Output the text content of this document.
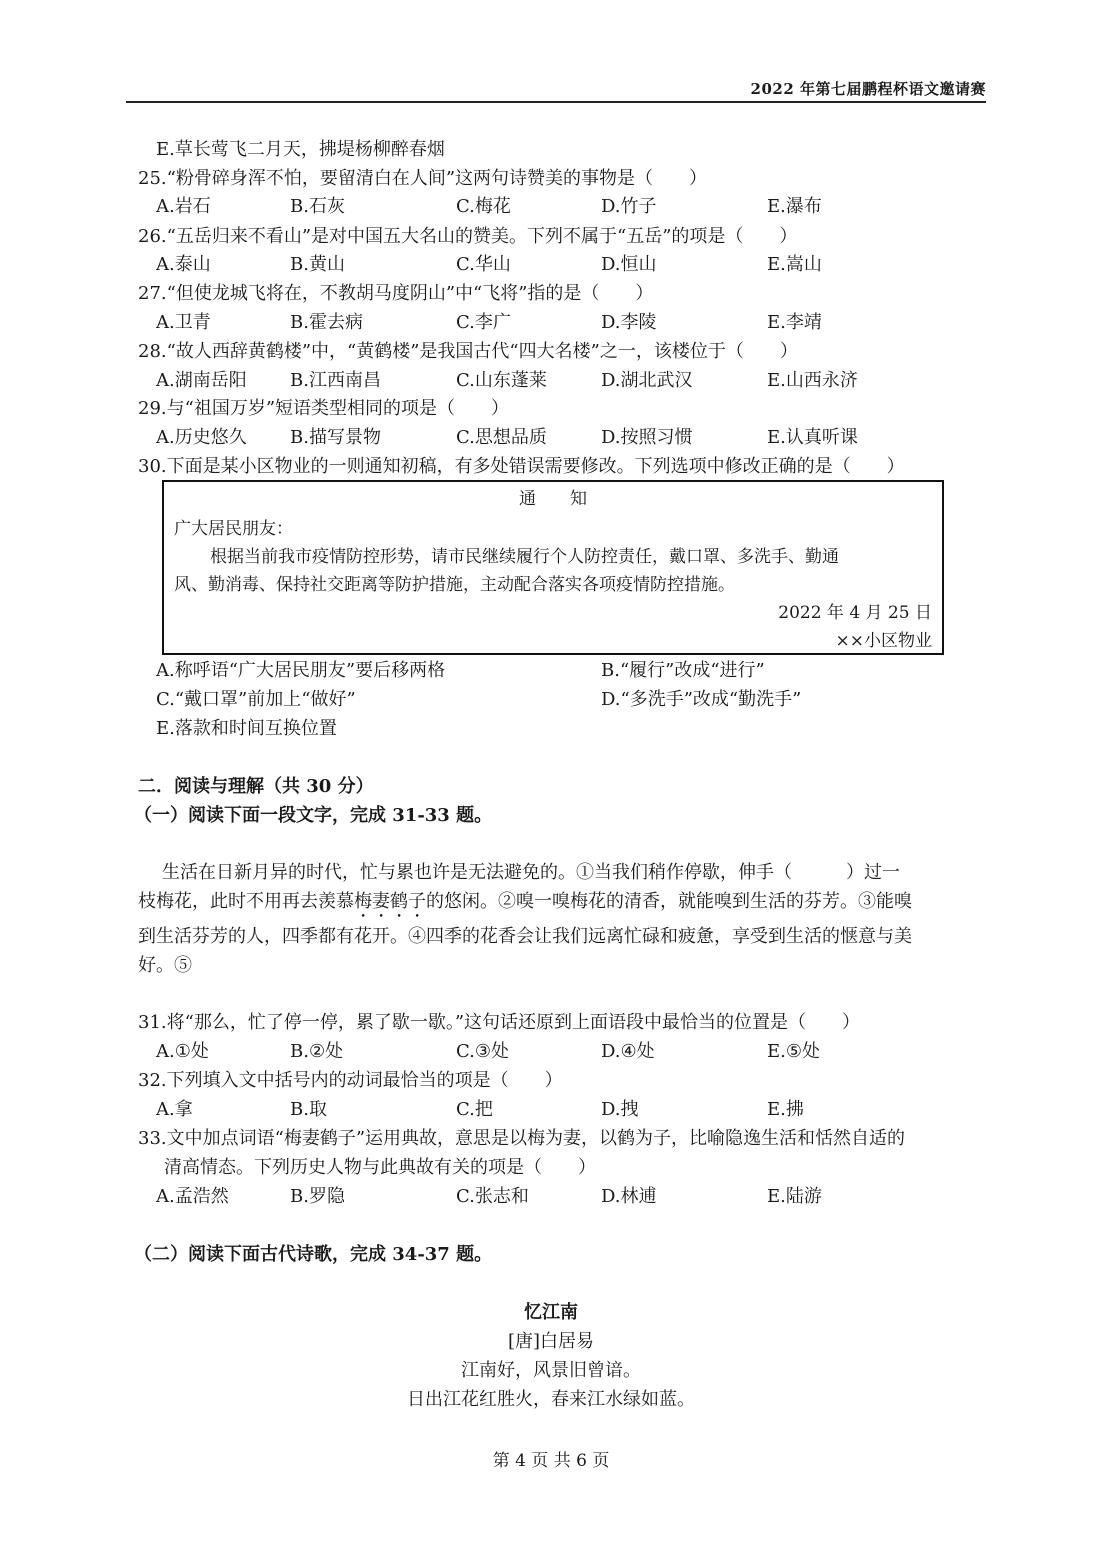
2022 年第七届鹏程杯语文邀请赛
E.草长莺飞二月天，拂堤杨柳醉春烟
25.“粉骨碎身浑不怕，要留清白在人间”这两句诗赞美的事物是（　　）
A.岩石	B.石灰	C.梅花	D.竹子	E.瀑布
26.“五岳归来不看山”是对中国五大名山的赞美。下列不属于“五岳”的项是（　　）
A.泰山	B.黄山	C.华山	D.恒山	E.嵩山
27.“但使龙城飞将在，不教胡马度阴山”中“飞将”指的是（　　）
A.卫青	B.霍去病	C.李广	D.李陵	E.李靖
28.“故人西辞黄鹤楼”中，“黄鹤楼”是我国古代“四大名楼”之一，该楼位于（　　）
A.湖南岳阳 B.江西南昌	C.山东蓬莱	D.湖北武汉	E.山西永济
29.与“祖国万岁”短语类型相同的项是（　　）
A.历史悠久 B.描写景物	C.思想品质	D.按照习惯	E.认真听课
30.下面是某小区物业的一则通知初稿，有多处错误需要修改。下列选项中修改正确的是（　　）
通　　知
广大居民朋友：
根据当前我市疫情防控形势，请市民继续履行个人防控责任，戴口罩、多洗手、勤通
风、勤消毒、保持社交距离等防护措施，主动配合落实各项疫情防控措施。
2022 年 4 月 25 日
××小区物业
A.称呼语“广大居民朋友”要后移两格	B.“履行”改成“进行”
C.“戴口罩”前加上“做好”	D.“多洗手”改成“勤洗手”
E.落款和时间互换位置
二．阅读与理解（共 30 分）
（一）阅读下面一段文字，完成 31-33 题。
生活在日新月异的时代，忙与累也许是无法避免的。①当我们稍作停歇，伸手（　　　）过一
枝梅花，此时不用再去羡慕梅妻鹤子的悠闲。②嗅一嗅梅花的清香，就能嗅到生活的芬芳。③能嗅
到生活芬芳的人，四季都有花开。④四季的花香会让我们远离忙碌和疲惫，享受到生活的惬意与美
好。⑤
31.将“那么，忙了停一停，累了歇一歇。”这句话还原到上面语段中最恰当的位置是（　　）
A.①处	B.②处	C.③处	D.④处	E.⑤处
32.下列填入文中括号内的动词最恰当的项是（　　）
A.拿	B.取	C.把	D.拽	E.拂
33.文中加点词语“梅妻鹤子”运用典故，意思是以梅为妻，以鹤为子，比喻隐逸生活和恬然自适的
清高情态。下列历史人物与此典故有关的项是（　　）
A.孟浩然	B.罗隐	C.张志和	D.林逋	E.陆游
（二）阅读下面古代诗歌，完成 34-37 题。
忆江南
[唐]白居易
江南好，风景旧曾谙。
日出江花红胜火，春来江水绿如蓝。
第 4 页 共 6 页
